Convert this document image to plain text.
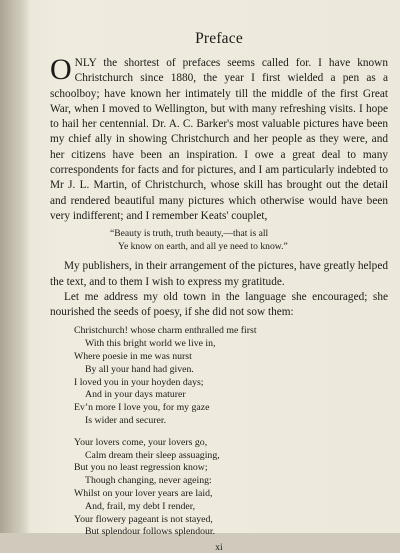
Preface

ONLY the shortest of prefaces seems called for. I have known Christchurch since 1880, the year I first wielded a pen as a schoolboy; have known her intimately till the middle of the first Great War, when I moved to Wellington, but with many refreshing visits. I hope to hail her centennial. Dr. A. C. Barker's most valuable pictures have been my chief ally in showing Christchurch and her people as they were, and her citizens have been an inspiration. I owe a great deal to many correspondents for facts and for pictures, and I am particularly indebted to Mr J. L. Martin, of Christchurch, whose skill has brought out the detail and rendered beautiful many pictures which otherwise would have been very indifferent; and I remember Keats' couplet,

“Beauty is truth, truth beauty,—that is all
Ye know on earth, and all ye need to know.”

My publishers, in their arrangement of the pictures, have greatly helped the text, and to them I wish to express my gratitude.

Let me address my old town in the language she encouraged; she nourished the seeds of poesy, if she did not sow them:

Christchurch! whose charm enthralled me first
With this bright world we live in,
Where poesie in me was nurst
By all your hand had given.
I loved you in your hoyden days;
And in your days maturer
Ev’n more I love you, for my gaze
Is wider and securer.
Your lovers come, your lovers go,
Calm dream their sleep assuaging,
But you no least regression know;
Though changing, never ageing:
Whilst on your lover years are laid,
And, frail, my debt I render,
Your flowery pageant is not stayed,
But splendour follows splendour.
xi
